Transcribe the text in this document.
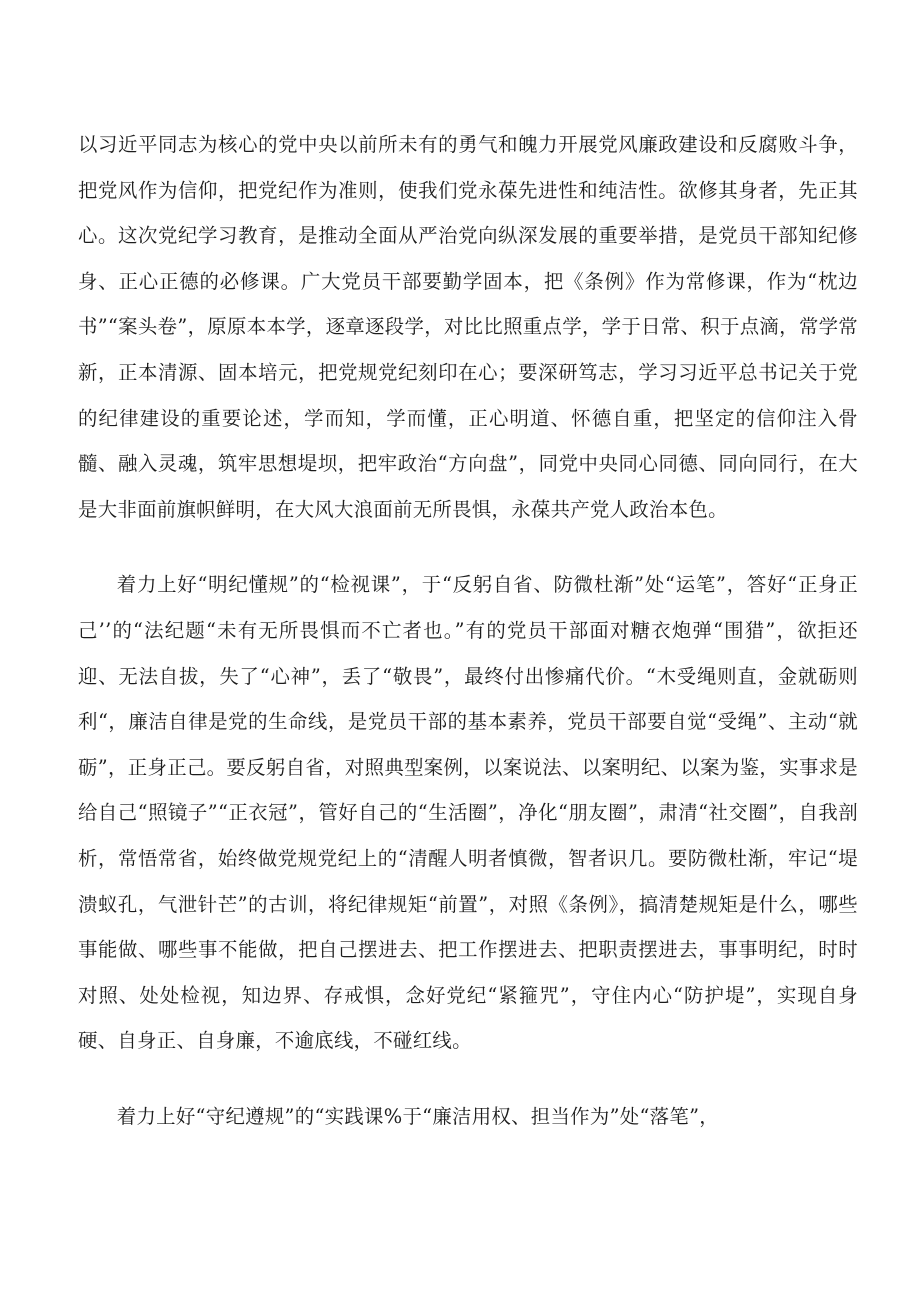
以习近平同志为核心的党中央以前所未有的勇气和魄力开展党风廉政建设和反腐败斗争，把党风作为信仰，把党纪作为准则，使我们党永葆先进性和纯洁性。欲修其身者，先正其心。这次党纪学习教育，是推动全面从严治党向纵深发展的重要举措，是党员干部知纪修身、正心正德的必修课。广大党员干部要勤学固本，把《条例》作为常修课，作为“枕边书”“案头卷”，原原本本学，逐章逐段学，对比比照重点学，学于日常、积于点滴，常学常新，正本清源、固本培元，把党规党纪刻印在心；要深研笃志，学习习近平总书记关于党的纪律建设的重要论述，学而知，学而懂，正心明道、怀德自重，把坚定的信仰注入骨髓、融入灵魂，筑牢思想堤坝，把牢政治“方向盘”，同党中央同心同德、同向同行，在大是大非面前旗帜鲜明，在大风大浪面前无所畏惧，永葆共产党人政治本色。

着力上好“明纪懂规”的“检视课”，于“反躬自省、防微杜渐”处“运笔”，答好“正身正己’’的“法纪题“未有无所畏惧而不亡者也。”有的党员干部面对糖衣炮弹“围猎”，欲拒还迎、无法自拔，失了“心神”，丢了“敬畏”，最终付出惨痛代价。“木受绳则直，金就砺则利“，廉洁自律是党的生命线，是党员干部的基本素养，党员干部要自觉“受绳”、主动“就砺”，正身正己。要反躬自省，对照典型案例，以案说法、以案明纪、以案为鉴，实事求是给自己“照镜子”“正衣冠”，管好自己的“生活圈”，净化“朋友圈”，肃清“社交圈”，自我剖析，常悟常省，始终做党规党纪上的“清醒人明者慎微，智者识几。要防微杜渐，牢记“堤溃蚁孔，气泄针芒”的古训，将纪律规矩“前置”，对照《条例》，搞清楚规矩是什么，哪些事能做、哪些事不能做，把自己摆进去、把工作摆进去、把职责摆进去，事事明纪，时时对照、处处检视，知边界、存戒惧，念好党纪“紧箍咒”，守住内心“防护堤”，实现自身硬、自身正、自身廉，不逾底线，不碰红线。

着力上好“守纪遵规”的“实践课%于“廉洁用权、担当作为”处“落笔”，
